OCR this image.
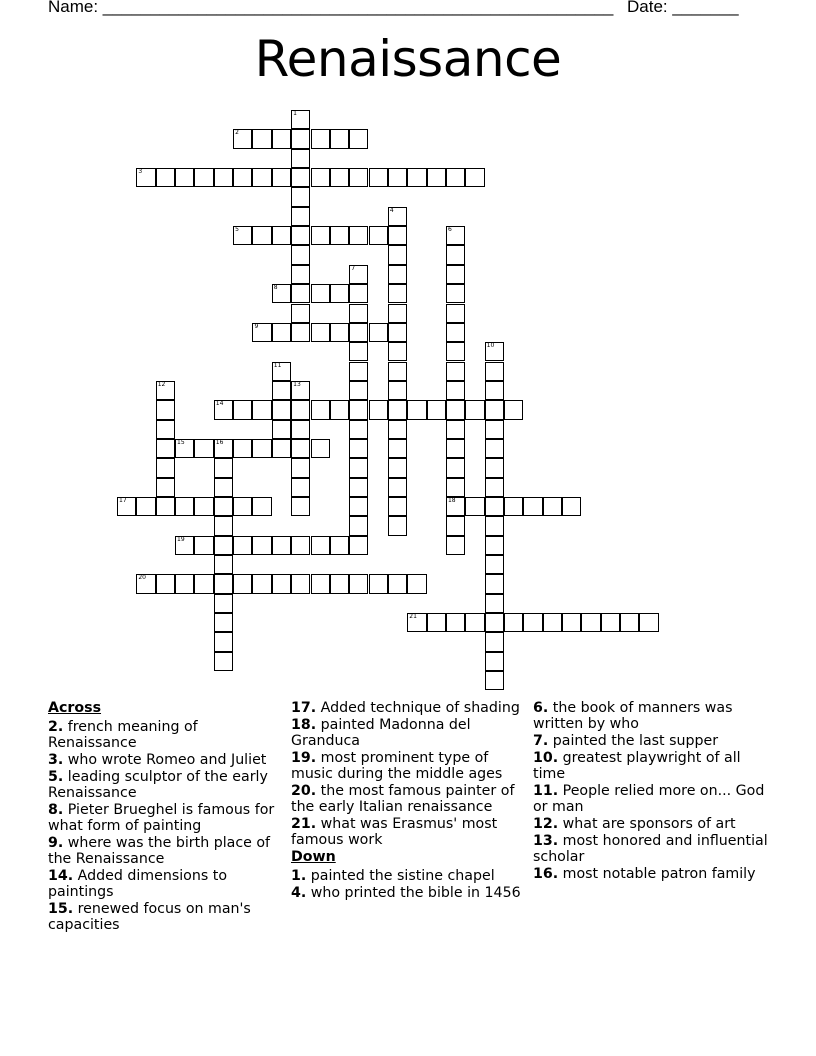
Name: ______________________________________________________ Date: _______
Renaissance
1
2
3
4
5	6
18
7
8
9
10
11
12	13
14
15	16
17
19
20
21
Across
2. french meaning of Renaissance
3. who wrote Romeo and Juliet
5. leading sculptor of the early Renaissance
8. Pieter Brueghel is famous for what form of painting
9. where was the birth place of the Renaissance
14. Added dimensions to paintings
15. renewed focus on man's capacities
17. Added technique of shading
18. painted Madonna del Granduca
19. most prominent type of music during the middle ages
20. the most famous painter of the early Italian renaissance
21. what was Erasmus' most famous work
Down
1. painted the sistine chapel
4. who printed the bible in 1456
6. the book of manners was written by who
7. painted the last supper
10. greatest playwright of all time
11. People relied more on... God or man
12. what are sponsors of art
13. most honored and influential scholar
16. most notable patron family
